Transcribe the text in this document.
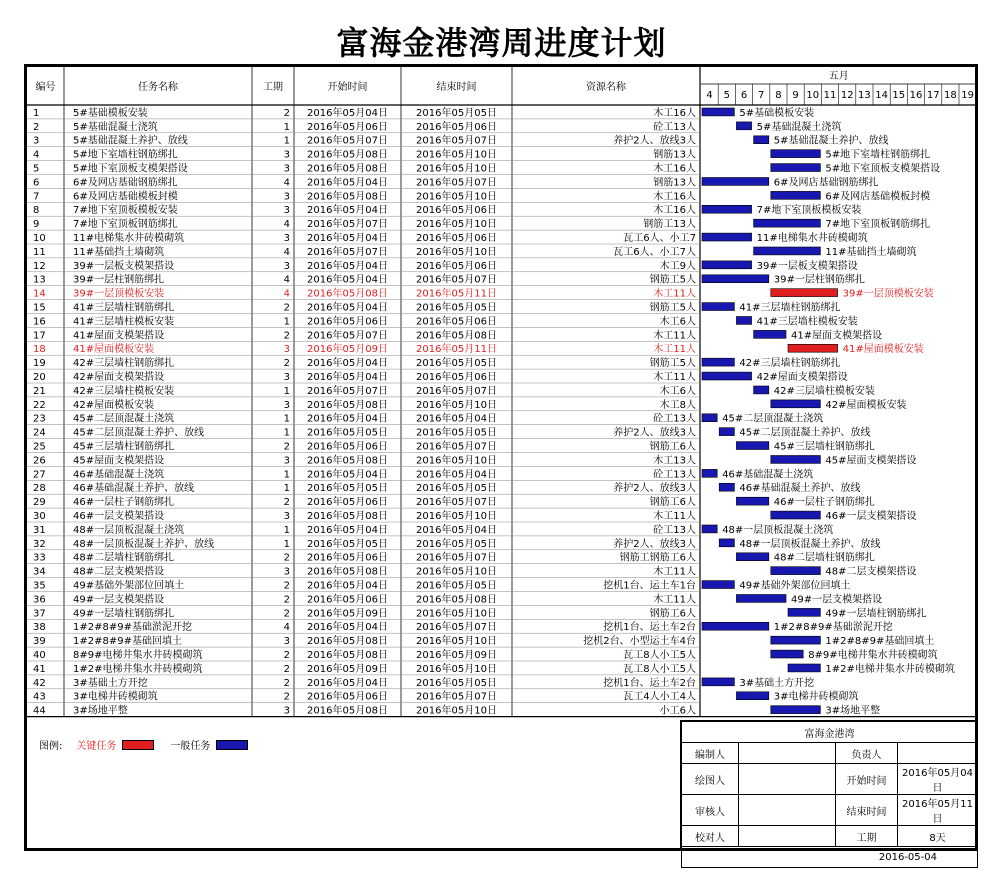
富海金港湾周进度计划
编号	任务名称	工期	开始时间	结束时间	资源名称
五月
4 5 6 7 8 9 10 11 12 13 14 15 16 17 18 19
1	5#基础模板安装	2 2016年05月04日	2016年05月05日	木工16人	5#基础模板安装
2	5#基础混凝土浇筑	1 2016年05月06日	2016年05月06日	砼工13人	5#基础混凝土浇筑
3	5#基础混凝土养护、放线	1 2016年05月07日	2016年05月07日	养护2人、放线3人	5#基础混凝土养护、放线
4	5#地下室墙柱钢筋绑扎	3 2016年05月08日	2016年05月10日	钢筋13人	5#地下室墙柱钢筋绑扎
5	5#地下室顶板支模架搭设	3 2016年05月08日	2016年05月10日	木工16人	5#地下室顶板支模架搭设
6	6#及网店基础钢筋绑扎	4 2016年05月04日	2016年05月07日	钢筋13人	6#及网店基础钢筋绑扎
7	6#及网店基础模板封模	3 2016年05月08日	2016年05月10日	木工16人	6#及网店基础模板封模
8	7#地下室顶板模板安装	3 2016年05月04日	2016年05月06日	木工16人	7#地下室顶板模板安装
9	7#地下室顶板钢筋绑扎	4 2016年05月07日	2016年05月10日	钢筋工13人	7#地下室顶板钢筋绑扎
10	11#电梯集水井砖模砌筑	3 2016年05月04日	2016年05月06日	瓦工6人、小工7	11#电梯集水井砖模砌筑
11	11#基础挡土墙砌筑	4 2016年05月07日	2016年05月10日	瓦工6人、小工7人	11#基础挡土墙砌筑
12	39#一层板支模架搭设	3 2016年05月04日	2016年05月06日	木工9人	39#一层板支模架搭设
13	39#一层柱钢筋绑扎	4 2016年05月04日	2016年05月07日	钢筋工5人	39#一层柱钢筋绑扎
14	39#一层顶模板安装	4 2016年05月08日	2016年05月11日	木工11人	39#一层顶模板安装
15	41#三层墙柱钢筋绑扎	2 2016年05月04日	2016年05月05日	钢筋工5人	41#三层墙柱钢筋绑扎
16	41#三层墙柱模板安装	1 2016年05月06日	2016年05月06日	木工6人	41#三层墙柱模板安装
17	41#屋面支模架搭设	2 2016年05月07日	2016年05月08日	木工11人	41#屋面支模架搭设
18	41#屋面模板安装	3 2016年05月09日	2016年05月11日	木工11人	41#屋面模板安装
19	42#三层墙柱钢筋绑扎	2 2016年05月04日	2016年05月05日	钢筋工5人	42#三层墙柱钢筋绑扎
20	42#屋面支模架搭设	3 2016年05月04日	2016年05月06日	木工11人	42#屋面支模架搭设
21	42#三层墙柱模板安装	1 2016年05月07日	2016年05月07日	木工6人	42#三层墙柱模板安装
22	42#屋面模板安装	3 2016年05月08日	2016年05月10日	木工8人	42#屋面模板安装
23	45#二层顶混凝土浇筑	1 2016年05月04日	2016年05月04日	砼工13人	45#二层顶混凝土浇筑
24	45#二层顶混凝土养护、放线	1 2016年05月05日	2016年05月05日	养护2人、放线3人	45#二层顶混凝土养护、放线
25	45#三层墙柱钢筋绑扎	2 2016年05月06日	2016年05月07日	钢筋工6人	45#三层墙柱钢筋绑扎
26	45#屋面支模架搭设	3 2016年05月08日	2016年05月10日	木工13人	45#屋面支模架搭设
27	46#基础混凝土浇筑	1 2016年05月04日	2016年05月04日	砼工13人	46#基础混凝土浇筑
28	46#基础混凝土养护、放线	1 2016年05月05日	2016年05月05日	养护2人、放线3人	46#基础混凝土养护、放线
29	46#一层柱子钢筋绑扎	2 2016年05月06日	2016年05月07日	钢筋工6人	46#一层柱子钢筋绑扎
30	46#一层支模架搭设	3 2016年05月08日	2016年05月10日	木工11人	46#一层支模架搭设
31	48#一层顶板混凝土浇筑	1 2016年05月04日	2016年05月04日	砼工13人	48#一层顶板混凝土浇筑
32	48#一层顶板混凝土养护、放线	1 2016年05月05日	2016年05月05日	养护2人、放线3人	48#一层顶板混凝土养护、放线
33	48#二层墙柱钢筋绑扎	2 2016年05月06日	2016年05月07日	钢筋工钢筋工6人	48#二层墙柱钢筋绑扎
34	48#二层支模架搭设	3 2016年05月08日	2016年05月10日	木工11人	48#二层支模架搭设
35	49#基础外架部位回填土	2 2016年05月04日	2016年05月05日	挖机1台、运土车1台	49#基础外架部位回填土
36	49#一层支模架搭设	2 2016年05月06日	2016年05月08日	木工11人	49#一层支模架搭设
37	49#一层墙柱钢筋绑扎	2 2016年05月09日	2016年05月10日	钢筋工6人	49#一层墙柱钢筋绑扎
38	1#2#8#9#基础淤泥开挖	4 2016年05月04日	2016年05月07日	挖机1台、运土车2台	1#2#8#9#基础淤泥开挖
39	1#2#8#9#基础回填土	3 2016年05月08日	2016年05月10日	挖机2台、小型运土车4台	1#2#8#9#基础回填土
40	8#9#电梯井集水井砖模砌筑	2 2016年05月08日	2016年05月09日	瓦工8人小工5人	8#9#电梯井集水井砖模砌筑
41	1#2#电梯井集水井砖模砌筑	2 2016年05月09日	2016年05月10日	瓦工8人小工5人	1#2#电梯井集水井砖模砌筑
42	3#基础土方开挖	2 2016年05月04日	2016年05月05日	挖机1台、运土车2台	3#基础土方开挖
43	3#电梯井砖模砌筑	2 2016年05月06日	2016年05月07日	瓦工4人小工4人	3#电梯井砖模砌筑
44	3#场地平整	3 2016年05月08日	2016年05月10日	小工6人	3#场地平整
图例: 关键任务	一般任务
富海金港湾			
编制人		负责人	
绘图人		开始时间	2016年05月04日
审核人		结束时间	2016年05月11日
校对人		工期	8天
2016-05-04			
